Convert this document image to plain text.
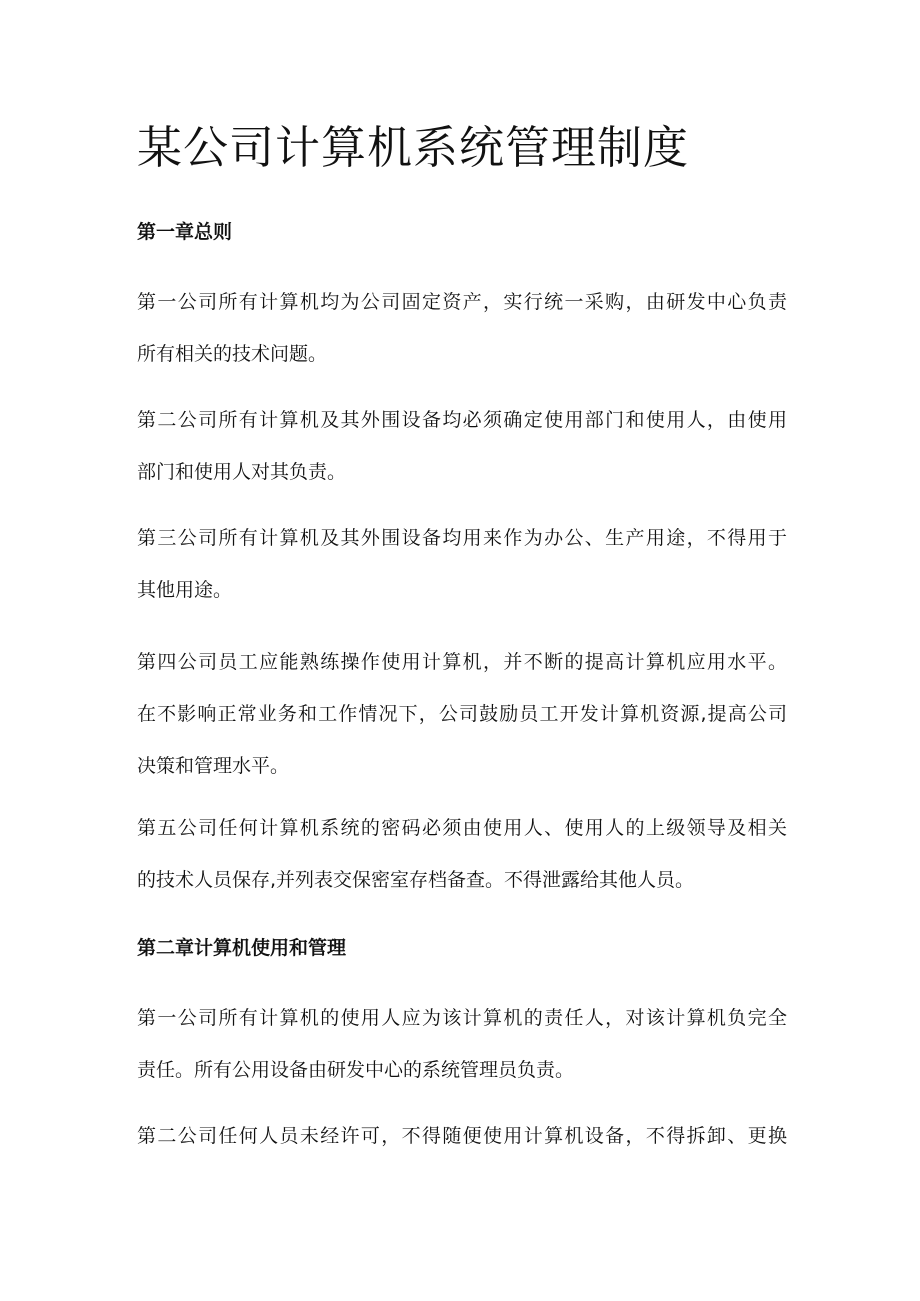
某公司计算机系统管理制度
第一章总则
第一公司所有计算机均为公司固定资产，实行统一采购，由研发中心负责
所有相关的技术问题。
第二公司所有计算机及其外围设备均必须确定使用部门和使用人，由使用
部门和使用人对其负责。
第三公司所有计算机及其外围设备均用来作为办公、生产用途，不得用于
其他用途。
第四公司员工应能熟练操作使用计算机，并不断的提高计算机应用水平。
在不影响正常业务和工作情况下，公司鼓励员工开发计算机资源,提高公司
决策和管理水平。
第五公司任何计算机系统的密码必须由使用人、使用人的上级领导及相关
的技术人员保存,并列表交保密室存档备查。不得泄露给其他人员。
第二章计算机使用和管理
第一公司所有计算机的使用人应为该计算机的责任人，对该计算机负完全
责任。所有公用设备由研发中心的系统管理员负责。
第二公司任何人员未经许可，不得随便使用计算机设备，不得拆卸、更换
